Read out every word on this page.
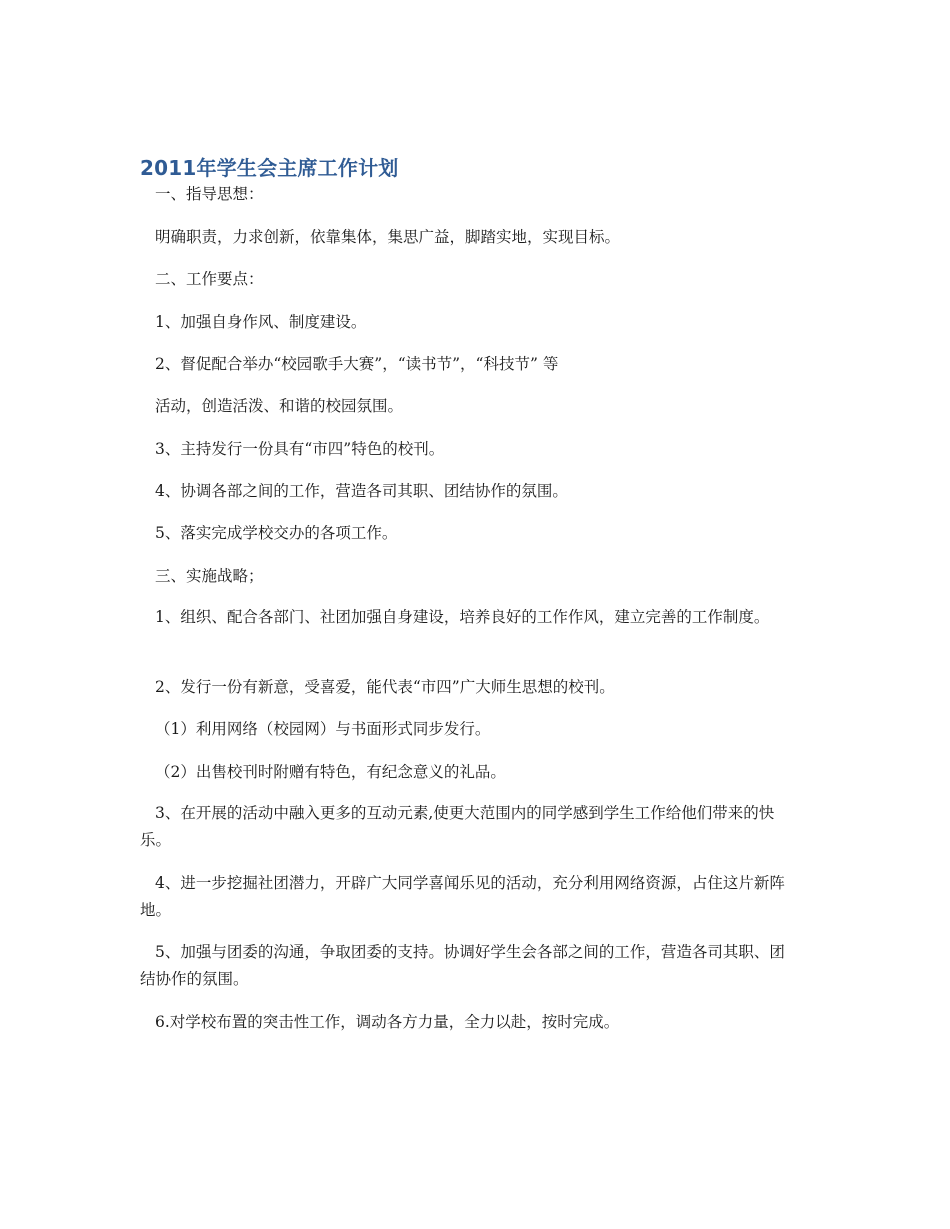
2011年学生会主席工作计划

一、指导思想：

明确职责，力求创新，依靠集体，集思广益，脚踏实地，实现目标。

二、工作要点：

1、加强自身作风、制度建设。

2、督促配合举办“校园歌手大赛”，“读书节”，“科技节” 等

活动，创造活泼、和谐的校园氛围。

3、主持发行一份具有“市四”特色的校刊。

4、协调各部之间的工作，营造各司其职、团结协作的氛围。

5、落实完成学校交办的各项工作。

三、实施战略；

1、组织、配合各部门、社团加强自身建设，培养良好的工作作风，建立完善的工作制度。

2、发行一份有新意，受喜爱，能代表“市四”广大师生思想的校刊。

（1）利用网络（校园网）与书面形式同步发行。

（2）出售校刊时附赠有特色，有纪念意义的礼品。

3、在开展的活动中融入更多的互动元素,使更大范围内的同学感到学生工作给他们带来的快乐。

4、进一步挖掘社团潜力，开辟广大同学喜闻乐见的活动，充分利用网络资源，占住这片新阵地。

5、加强与团委的沟通，争取团委的支持。协调好学生会各部之间的工作，营造各司其职、团结协作的氛围。

6.对学校布置的突击性工作，调动各方力量，全力以赴，按时完成。
